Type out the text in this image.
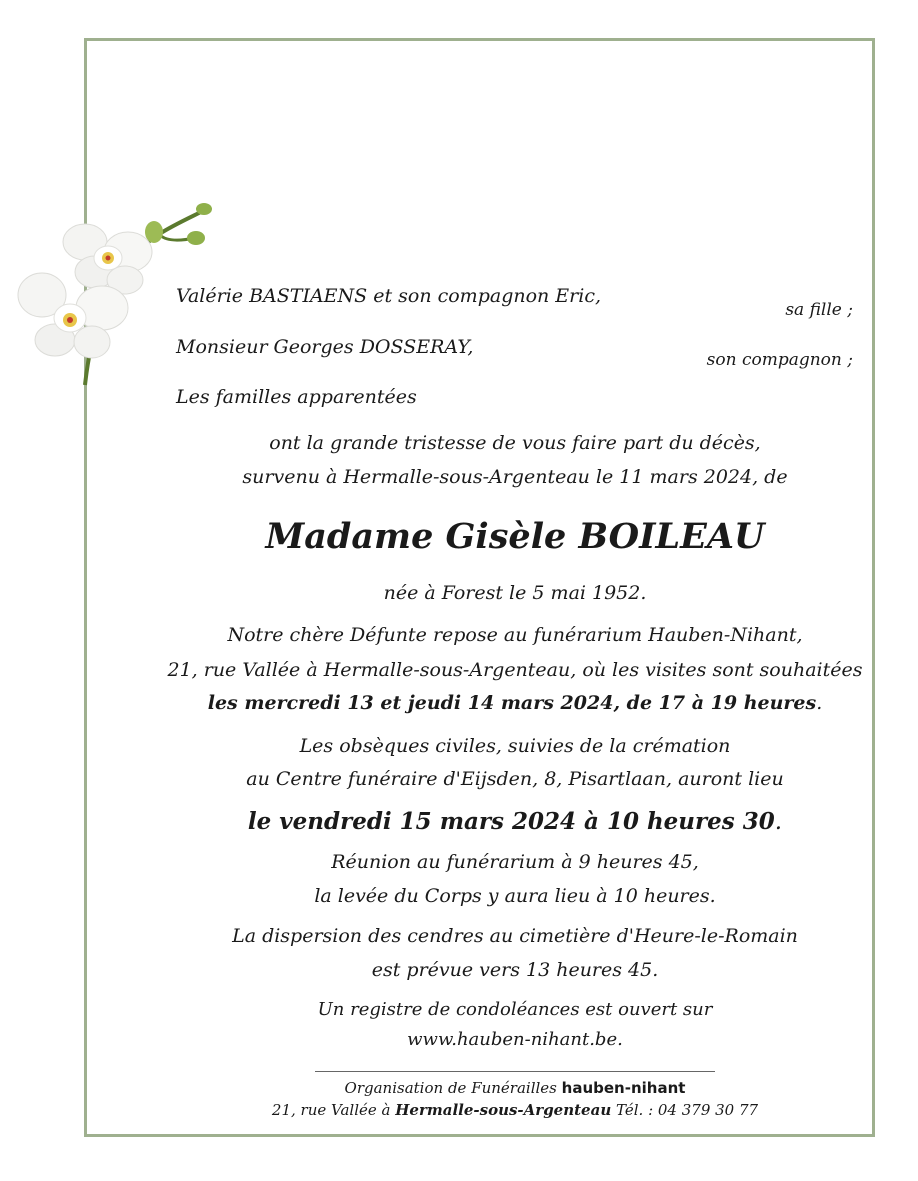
Valérie BASTIAENS et son compagnon Eric,
sa fille ;
Monsieur Georges DOSSERAY,
son compagnon ;
Les familles apparentées
ont la grande tristesse de vous faire part du décès,
survenu à Hermalle-sous-Argenteau le 11 mars 2024, de
Madame Gisèle BOILEAU
née à Forest le 5 mai 1952.
Notre chère Défunte repose au funérarium Hauben-Nihant,
21, rue Vallée à Hermalle-sous-Argenteau, où les visites sont souhaitées
les mercredi 13 et jeudi 14 mars 2024, de 17 à 19 heures.
Les obsèques civiles, suivies de la crémation
au Centre funéraire d'Eijsden, 8, Pisartlaan, auront lieu
le vendredi 15 mars 2024 à 10 heures 30.
Réunion au funérarium à 9 heures 45,
la levée du Corps y aura lieu à 10 heures.
La dispersion des cendres au cimetière d'Heure-le-Romain
est prévue vers 13 heures 45.
Un registre de condoléances est ouvert sur
www.hauben-nihant.be.
Organisation de Funérailles hauben-nihant
21, rue Vallée à Hermalle-sous-Argenteau Tél. : 04 379 30 77
